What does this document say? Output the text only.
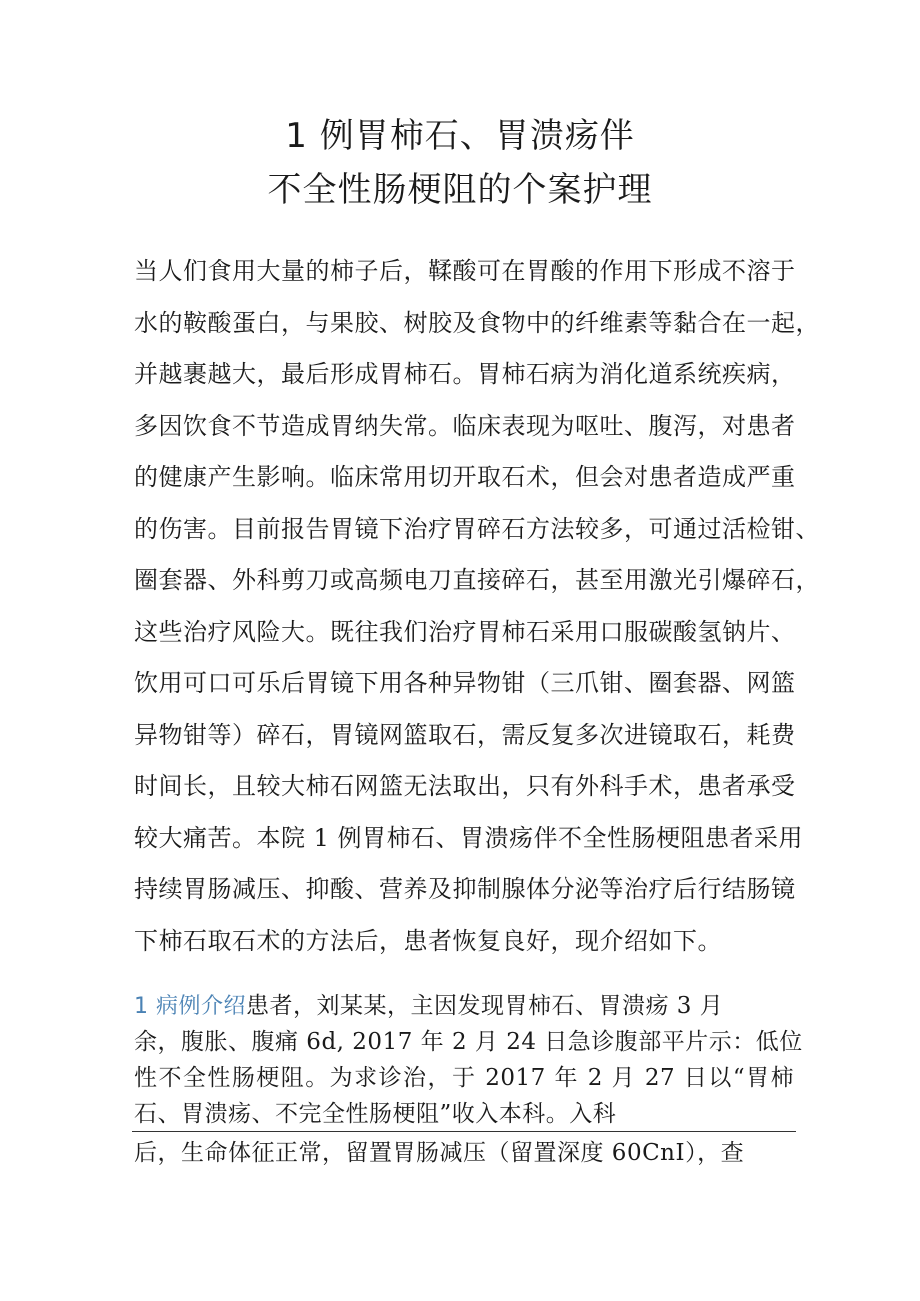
1 例胃柿石、胃溃疡伴
不全性肠梗阻的个案护理
当人们食用大量的柿子后，鞣酸可在胃酸的作用下形成不溶于
水的鞍酸蛋白，与果胶、树胶及食物中的纤维素等黏合在一起，
并越裹越大，最后形成胃柿石。胃柿石病为消化道系统疾病，
多因饮食不节造成胃纳失常。临床表现为呕吐、腹泻，对患者
的健康产生影响。临床常用切开取石术，但会对患者造成严重
的伤害。目前报告胃镜下治疗胃碎石方法较多，可通过活检钳、
圈套器、外科剪刀或高频电刀直接碎石，甚至用激光引爆碎石，
这些治疗风险大。既往我们治疗胃柿石采用口服碳酸氢钠片、
饮用可口可乐后胃镜下用各种异物钳（三爪钳、圈套器、网篮
异物钳等）碎石，胃镜网篮取石，需反复多次进镜取石，耗费
时间长，且较大柿石网篮无法取出，只有外科手术，患者承受
较大痛苦。本院 1 例胃柿石、胃溃疡伴不全性肠梗阻患者采用
持续胃肠减压、抑酸、营养及抑制腺体分泌等治疗后行结肠镜
下柿石取石术的方法后，患者恢复良好，现介绍如下。
1 病例介绍患者，刘某某，主因发现胃柿石、胃溃疡 3 月
余，腹胀、腹痛 6d, 2017 年 2 月 24 日急诊腹部平片示：低位
性不全性肠梗阻。为求诊治，于 2017 年 2 月 27 日以“胃柿
石、胃溃疡、不完全性肠梗阻”收入本科。入科
后，生命体征正常，留置胃肠减压（留置深度 60CnI），查
